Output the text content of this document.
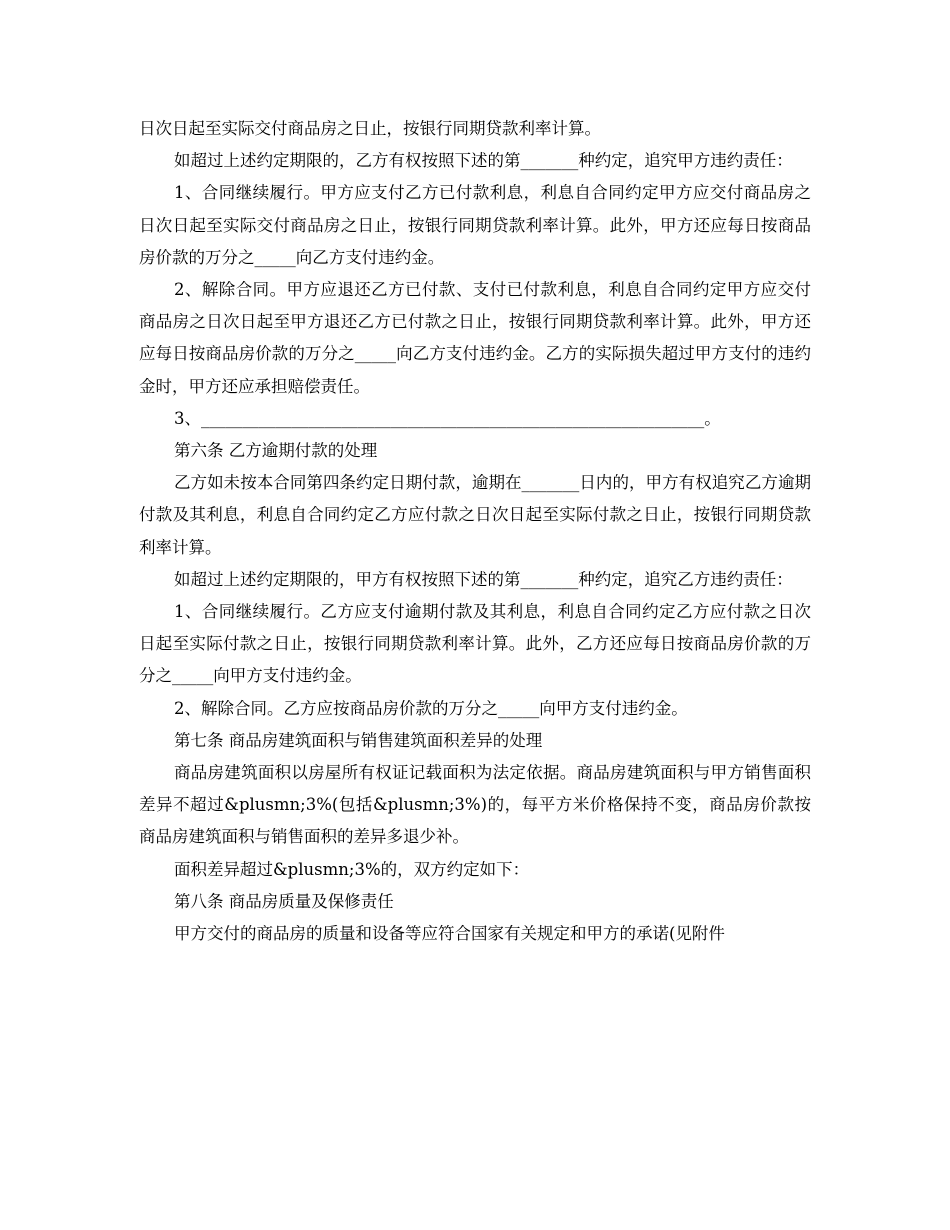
日次日起至实际交付商品房之日止，按银行同期贷款利率计算。

如超过上述约定期限的，乙方有权按照下述的第_______种约定，追究甲方违约责任：

1、合同继续履行。甲方应支付乙方已付款利息，利息自合同约定甲方应交付商品房之日次日起至实际交付商品房之日止，按银行同期贷款利率计算。此外，甲方还应每日按商品房价款的万分之_____向乙方支付违约金。

2、解除合同。甲方应退还乙方已付款、支付已付款利息，利息自合同约定甲方应交付商品房之日次日起至甲方退还乙方已付款之日止，按银行同期贷款利率计算。此外，甲方还应每日按商品房价款的万分之_____向乙方支付违约金。乙方的实际损失超过甲方支付的违约金时，甲方还应承担赔偿责任。

3、_____________________________________________________________。

第六条 乙方逾期付款的处理

乙方如未按本合同第四条约定日期付款，逾期在_______日内的，甲方有权追究乙方逾期付款及其利息，利息自合同约定乙方应付款之日次日起至实际付款之日止，按银行同期贷款利率计算。

如超过上述约定期限的，甲方有权按照下述的第_______种约定，追究乙方违约责任：

1、合同继续履行。乙方应支付逾期付款及其利息，利息自合同约定乙方应付款之日次日起至实际付款之日止，按银行同期贷款利率计算。此外，乙方还应每日按商品房价款的万分之_____向甲方支付违约金。

2、解除合同。乙方应按商品房价款的万分之_____向甲方支付违约金。

第七条 商品房建筑面积与销售建筑面积差异的处理

商品房建筑面积以房屋所有权证记载面积为法定依据。商品房建筑面积与甲方销售面积差异不超过&plusmn;3%(包括&plusmn;3%)的，每平方米价格保持不变，商品房价款按商品房建筑面积与销售面积的差异多退少补。

面积差异超过&plusmn;3%的，双方约定如下：

第八条 商品房质量及保修责任

甲方交付的商品房的质量和设备等应符合国家有关规定和甲方的承诺(见附件
